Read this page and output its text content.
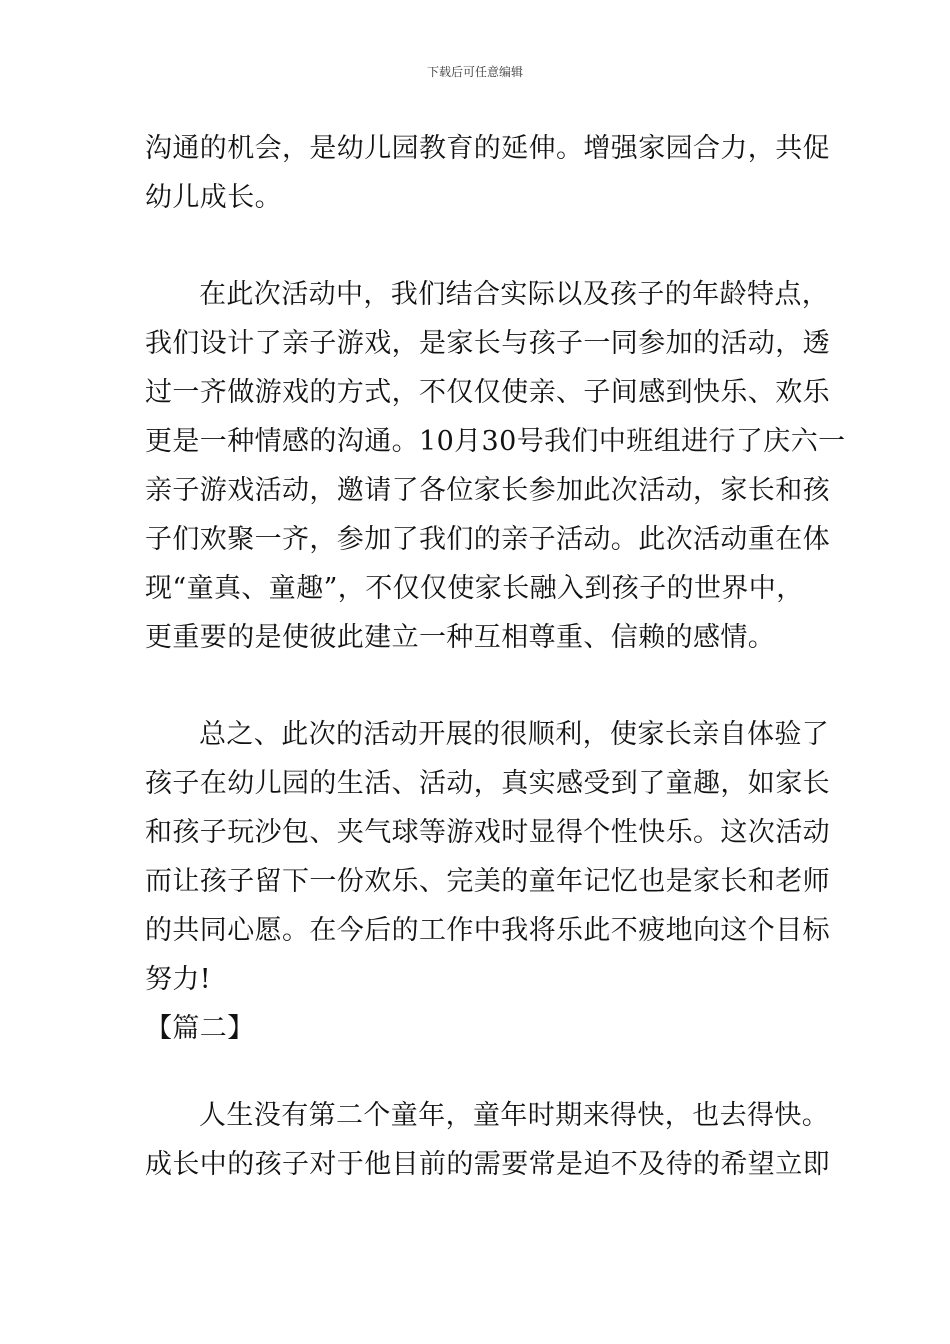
下载后可任意编辑
沟通的机会，是幼儿园教育的延伸。增强家园合力，共促
幼儿成长。
在此次活动中，我们结合实际以及孩子的年龄特点，
我们设计了亲子游戏，是家长与孩子一同参加的活动，透
过一齐做游戏的方式，不仅仅使亲、子间感到快乐、欢乐
更是一种情感的沟通。10月30号我们中班组进行了庆六一
亲子游戏活动，邀请了各位家长参加此次活动，家长和孩
子们欢聚一齐，参加了我们的亲子活动。此次活动重在体
现“童真、童趣”，不仅仅使家长融入到孩子的世界中，
更重要的是使彼此建立一种互相尊重、信赖的感情。
总之、此次的活动开展的很顺利，使家长亲自体验了
孩子在幼儿园的生活、活动，真实感受到了童趣，如家长
和孩子玩沙包、夹气球等游戏时显得个性快乐。这次活动
而让孩子留下一份欢乐、完美的童年记忆也是家长和老师
的共同心愿。在今后的工作中我将乐此不疲地向这个目标
努力!
【篇二】
人生没有第二个童年，童年时期来得快，也去得快。
成长中的孩子对于他目前的需要常是迫不及待的希望立即
